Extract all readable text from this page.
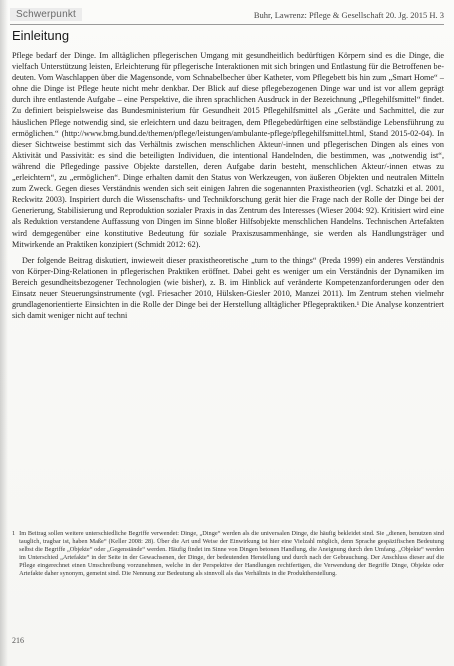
Schwerpunkt	Buhr, Lawrenz: Pflege & Gesellschaft 20. Jg. 2015 H. 3
Einleitung

Pflege bedarf der Dinge. Im alltäglichen pflegerischen Umgang mit gesundheitlich bedürftigen Körpern sind es die Dinge, die vielfach Unterstützung leisten, Erleichterung für pflegerische Interaktionen mit sich bringen und Entlastung für die Betroffenen bedeuten. Vom Waschlappen über die Magensonde, vom Schnabelbecher über Katheter, vom Pflegebett bis hin zum „Smart Home“ – ohne die Dinge ist Pflege heute nicht mehr denkbar. Der Blick auf diese pflegebezogenen Dinge war und ist vor allem geprägt durch ihre entlastende Aufgabe – eine Perspektive, die ihren sprachlichen Ausdruck in der Bezeichnung „Pflegehilfsmittel“ findet. Zu definiert beispielsweise das Bundesministerium für Gesundheit 2015 Pflegehilfsmittel als „Geräte und Sachmittel, die zur häuslichen Pflege notwendig sind, sie erleichtern und dazu beitragen, dem Pflegebedürftigen eine selbständige Lebensführung zu ermöglichen.“ (http://www.bmg.bund.de/themen/pflege/leistungen/ambulante-pflege/pflegehilfsmittel.html, Stand 2015-02-04). In dieser Sichtweise bestimmt sich das Verhältnis zwischen menschlichen Akteur/-innen und pflegerischen Dingen als eines von Aktivität und Passivität: es sind die beteiligten Individuen, die intentional Handelnden, die bestimmen, was „notwendig ist“, während die Pflegedinge passive Objekte darstellen, deren Aufgabe darin besteht, menschlichen Akteur/-innen etwas zu „erleichtern“, zu „ermöglichen“. Dinge erhalten damit den Status von Werkzeugen, von äußeren Objekten und neutralen Mitteln zum Zweck. Gegen dieses Verständnis wenden sich seit einigen Jahren die sogenannten Praxistheorien (vgl. Schatzki et al. 2001, Reckwitz 2003). Inspiriert durch die Wissenschafts- und Technikforschung gerät hier die Frage nach der Rolle der Dinge bei der Generierung, Stabilisierung und Reproduktion sozialer Praxis in das Zentrum des Interesses (Wieser 2004: 92). Kritisiert wird eine als Reduktion verstandene Auffassung von Dingen im Sinne bloßer Hilfsobjekte menschlichen Handelns. Technischen Artefakten wird demgegenüber eine konstitutive Bedeutung für soziale Praxiszusammenhänge, sie werden als Handlungsträger und Mitwirkende an Praktiken konzipiert (Schmidt 2012: 62).

Der folgende Beitrag diskutiert, inwieweit dieser praxistheoretische „turn to the things“ (Preda 1999) ein anderes Verständnis von Körper-Ding-Relationen in pflegerischen Praktiken eröffnet. Dabei geht es weniger um ein Verständnis der Dynamiken im Bereich gesundheitsbezogener Technologien (wie bisher), z. B. im Hinblick auf veränderte Kompetenzanforderungen oder den Einsatz neuer Steuerungsinstrumente (vgl. Friesacher 2010, Hülsken-Giesler 2010, Manzei 2011). Im Zentrum stehen vielmehr grundlagenorientierte Einsichten in die Rolle der Dinge bei der Herstellung alltäglicher Pflegepraktiken.¹ Die Analyse konzentriert sich damit weniger nicht auf techni

1 Im Beitrag sollen weitere unterschiedliche Begriffe verwendet: Dinge, „Dinge“ werden als die universalen Dinge, die häufig bekleidet sind. Sie „dienen, benutzen sind tauglich, tragbar ist, haben Maße“ (Keller 2008: 28). Über die Art und Weise der Einwirkung ist hier eine Vielzahl möglich, denn Sprache gespäzifischen Bedeutung selbst die Begriffe „Objekte“ oder „Gegenstände“ werden. Häufig findet im Sinne von Dingen betonen Handlung, die Aneignung durch den Umfang. „Objekte“ werden im Unterschied „Artefakte“ in der Seite in der Gewachsenen, der Dinge, der bedeutenden Herstellung und durch nach der Gebrauchung. Der Anschluss dieser auf die Pflege eingerechnet einen Umschreibung vorzunehmen, welche in der Perspektive der Handlungen rechtfertigen, die Verwendung der Begriffe Dinge, Objekte oder Artefakte daher synonym, gemeint sind. Die Nennung zur Bedeutung als sinnvoll als das Verhältnis in die Produktherstellung.
216
